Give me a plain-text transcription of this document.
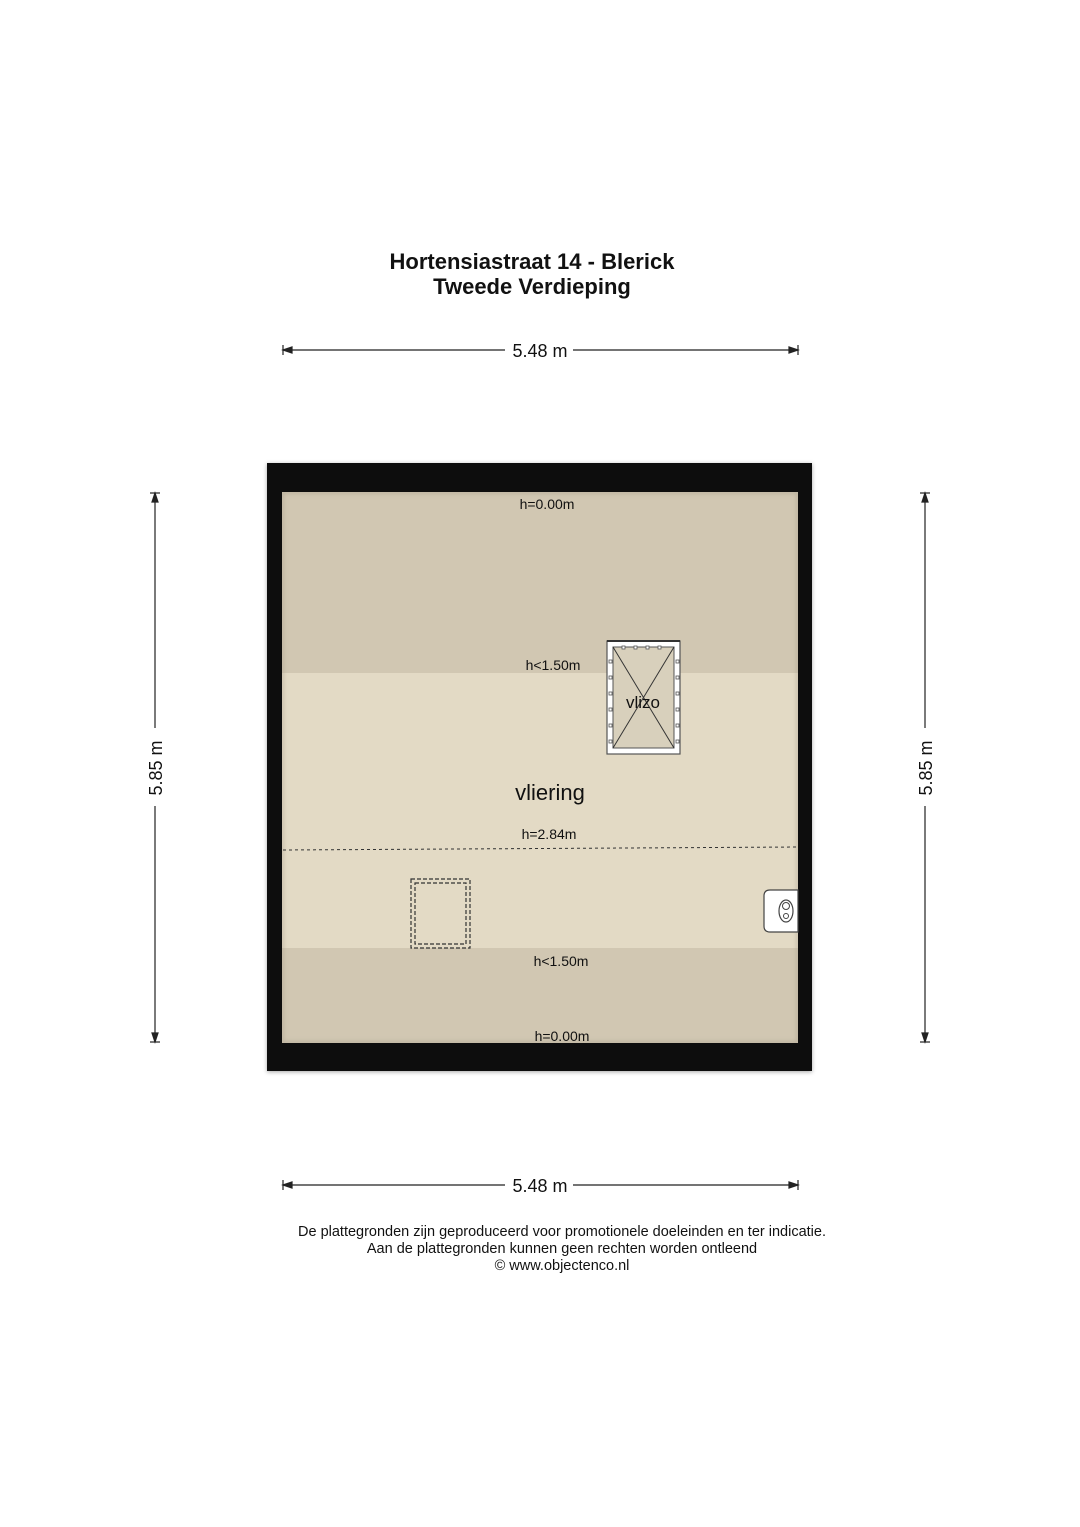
Hortensiastraat 14 - Blerick
Tweede Verdieping
5.48 m
5.48 m
5.85 m	5.85 m
vlizo
h=0.00m
h<1.50m
vliering
h=2.84m
h<1.50m
h=0.00m
De plattegronden zijn geproduceerd voor promotionele doeleinden en ter indicatie.
Aan de plattegronden kunnen geen rechten worden ontleend
© www.objectenco.nl
